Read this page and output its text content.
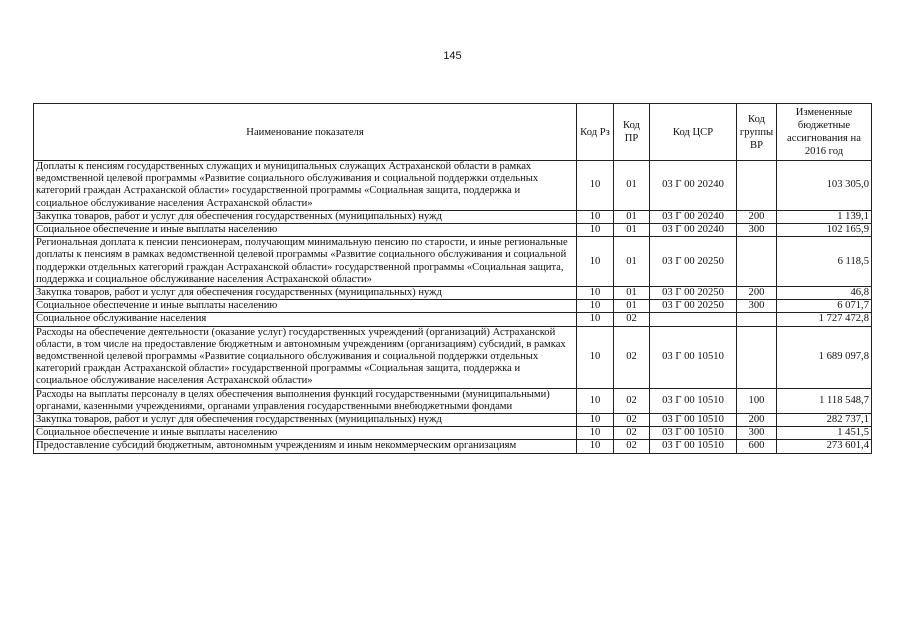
145
Наименование показателя	Код Рз	Код ПР	Код ЦСР	Код группы ВР	Измененные бюджетные ассигнования на 2016 год
Доплаты к пенсиям государственных служащих и муниципальных служащих Астраханской области в рамках ведомственной целевой программы «Развитие социального обслуживания и социальной поддержки отдельных категорий граждан Астраханской области» государственной программы «Социальная защита, поддержка и социальное обслуживание населения Астраханской области»	10	01	03 Г 00 20240		103 305,0
Закупка товаров, работ и услуг для обеспечения государственных (муниципальных) нужд	10	01	03 Г 00 20240	200	1 139,1
Социальное обеспечение и иные выплаты населению	10	01	03 Г 00 20240	300	102 165,9
Региональная доплата к пенсии пенсионерам, получающим минимальную пенсию по старости, и иные региональные доплаты к пенсиям в рамках ведомственной целевой программы «Развитие социального обслуживания и социальной поддержки отдельных категорий граждан Астраханской области» государственной программы «Социальная защита, поддержка и социальное обслуживание населения Астраханской области»	10	01	03 Г 00 20250		6 118,5
Закупка товаров, работ и услуг для обеспечения государственных (муниципальных) нужд	10	01	03 Г 00 20250	200	46,8
Социальное обеспечение и иные выплаты населению	10	01	03 Г 00 20250	300	6 071,7
Социальное обслуживание населения	10	02			1 727 472,8
Расходы на обеспечение деятельности (оказание услуг) государственных учреждений (организаций) Астраханской области, в том числе на предоставление бюджетным и автономным учреждениям (организациям) субсидий, в рамках ведомственной целевой программы «Развитие социального обслуживания и социальной поддержки отдельных категорий граждан Астраханской области» государственной программы «Социальная защита, поддержка и социальное обслуживание населения Астраханской области»	10	02	03 Г 00 10510		1 689 097,8
Расходы на выплаты персоналу в целях обеспечения выполнения функций государственными (муниципальными) органами, казенными учреждениями, органами управления государственными внебюджетными фондами	10	02	03 Г 00 10510	100	1 118 548,7
Закупка товаров, работ и услуг для обеспечения государственных (муниципальных) нужд	10	02	03 Г 00 10510	200	282 737,1
Социальное обеспечение и иные выплаты населению	10	02	03 Г 00 10510	300	1 451,5
Предоставление субсидий бюджетным, автономным учреждениям и иным некоммерческим организациям	10	02	03 Г 00 10510	600	273 601,4
